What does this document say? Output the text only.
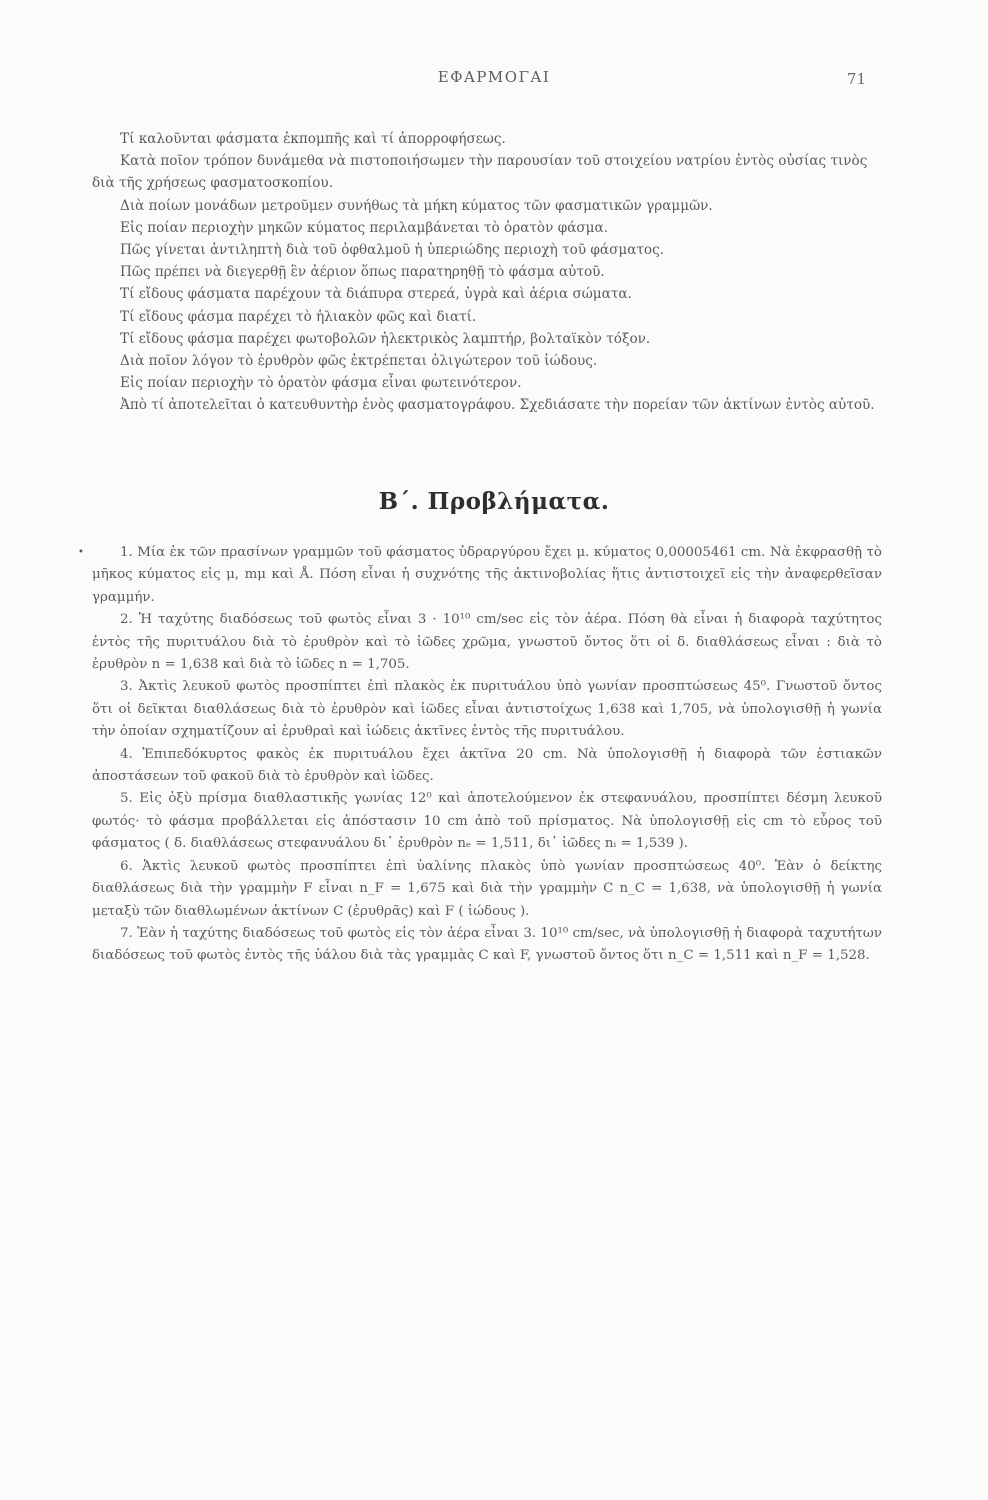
ΕΦΑΡΜΟΓΑΙ	71

Τί καλοῦνται φάσματα ἐκπομπῆς καὶ τί ἀπορροφήσεως.

Κατὰ ποῖον τρόπον δυνάμεθα νὰ πιστοποιήσωμεν τὴν παρουσίαν τοῦ στοιχείου νατρίου ἐντὸς οὐσίας τινὸς διὰ τῆς χρήσεως φασματοσκοπίου.

Διὰ ποίων μονάδων μετροῦμεν συνήθως τὰ μήκη κύματος τῶν φασματικῶν γραμμῶν.

Εἰς ποίαν περιοχὴν μηκῶν κύματος περιλαμβάνεται τὸ ὁρατὸν φάσμα.

Πῶς γίνεται ἀντιληπτὴ διὰ τοῦ ὀφθαλμοῦ ἡ ὑπεριώδης περιοχὴ τοῦ φάσματος.

Πῶς πρέπει νὰ διεγερθῇ ἓν ἀέριον ὅπως παρατηρηθῇ τὸ φάσμα αὐτοῦ.

Τί εἴδους φάσματα παρέχουν τὰ διάπυρα στερεά, ὑγρὰ καὶ ἀέρια σώματα.

Τί εἴδους φάσμα παρέχει τὸ ἡλιακὸν φῶς καὶ διατί.

Τί εἴδους φάσμα παρέχει φωτοβολῶν ἠλεκτρικὸς λαμπτήρ, βολταϊκὸν τόξον.

Διὰ ποῖον λόγον τὸ ἐρυθρὸν φῶς ἐκτρέπεται ὀλιγώτερον τοῦ ἰώδους.

Εἰς ποίαν περιοχὴν τὸ ὁρατὸν φάσμα εἶναι φωτεινότερον.

Ἀπὸ τί ἀποτελεῖται ὁ κατευθυντὴρ ἑνὸς φασματογράφου. Σχεδιάσατε τὴν πορείαν τῶν ἀκτίνων ἐντὸς αὐτοῦ.

Β΄. Προβλήματα.
•	1. Μία ἐκ τῶν πρασίνων γραμμῶν τοῦ φάσματος ὑδραργύρου ἔχει μ. κύματος 0,00005461 cm. Νὰ ἐκφρασθῇ τὸ μῆκος κύματος εἰς μ, mμ καὶ Å. Πόση εἶναι ἡ συχνότης τῆς ἀκτινοβολίας ἥτις ἀντιστοιχεῖ εἰς τὴν ἀναφερθεῖσαν γραμμήν.

2. Ἡ ταχύτης διαδόσεως τοῦ φωτὸς εἶναι 3 · 10¹⁰ cm/sec εἰς τὸν ἀέρα. Πόση θὰ εἶναι ἡ διαφορὰ ταχύτητος ἐντὸς τῆς πυριτυάλου διὰ τὸ ἐρυθρὸν καὶ τὸ ἰῶδες χρῶμα, γνωστοῦ ὄντος ὅτι οἱ δ. διαθλάσεως εἶναι : διὰ τὸ ἐρυθρὸν n = 1,638 καὶ διὰ τὸ ἰῶδες n = 1,705.

3. Ἀκτὶς λευκοῦ φωτὸς προσπίπτει ἐπὶ πλακὸς ἐκ πυριτυάλου ὑπὸ γωνίαν προσπτώσεως 45⁰. Γνωστοῦ ὄντος ὅτι οἱ δεῖκται διαθλάσεως διὰ τὸ ἐρυθρὸν καὶ ἰῶδες εἶναι ἀντιστοίχως 1,638 καὶ 1,705, νὰ ὑπολογισθῇ ἡ γωνία τὴν ὁποίαν σχηματίζουν αἱ ἐρυθραὶ καὶ ἰώδεις ἀκτῖνες ἐντὸς τῆς πυριτυάλου.

4. Ἐπιπεδόκυρτος φακὸς ἐκ πυριτυάλου ἔχει ἀκτῖνα 20 cm. Νὰ ὑπολογισθῇ ἡ διαφορὰ τῶν ἑστιακῶν ἀποστάσεων τοῦ φακοῦ διὰ τὸ ἐρυθρὸν καὶ ἰῶδες.

5. Εἰς ὀξὺ πρίσμα διαθλαστικῆς γωνίας 12⁰ καὶ ἀποτελούμενον ἐκ στεφανυάλου, προσπίπτει δέσμη λευκοῦ φωτός· τὸ φάσμα προβάλλεται εἰς ἀπόστασιν 10 cm ἀπὸ τοῦ πρίσματος. Νὰ ὑπολογισθῇ εἰς cm τὸ εὖρος τοῦ φάσματος ( δ. διαθλάσεως στεφανυάλου δι᾽ ἐρυθρὸν nₑ = 1,511, δι᾽ ἰῶδες nᵢ = 1,539 ).

6. Ἀκτὶς λευκοῦ φωτὸς προσπίπτει ἐπὶ ὑαλίνης πλακὸς ὑπὸ γωνίαν προσπτώσεως 40⁰. Ἐὰν ὁ δείκτης διαθλάσεως διὰ τὴν γραμμὴν F εἶναι n_F = 1,675 καὶ διὰ τὴν γραμμὴν C n_C = 1,638, νὰ ὑπολογισθῇ ἡ γωνία μεταξὺ τῶν διαθλωμένων ἀκτίνων C (ἐρυθρᾶς) καὶ F ( ἰώδους ).

7. Ἐὰν ἡ ταχύτης διαδόσεως τοῦ φωτὸς εἰς τὸν ἀέρα εἶναι 3. 10¹⁰ cm/sec, νὰ ὑπολογισθῇ ἡ διαφορὰ ταχυτήτων διαδόσεως τοῦ φωτὸς ἐντὸς τῆς ὑάλου διὰ τὰς γραμμὰς C καὶ F, γνωστοῦ ὄντος ὅτι n_C = 1,511 καὶ n_F = 1,528.
